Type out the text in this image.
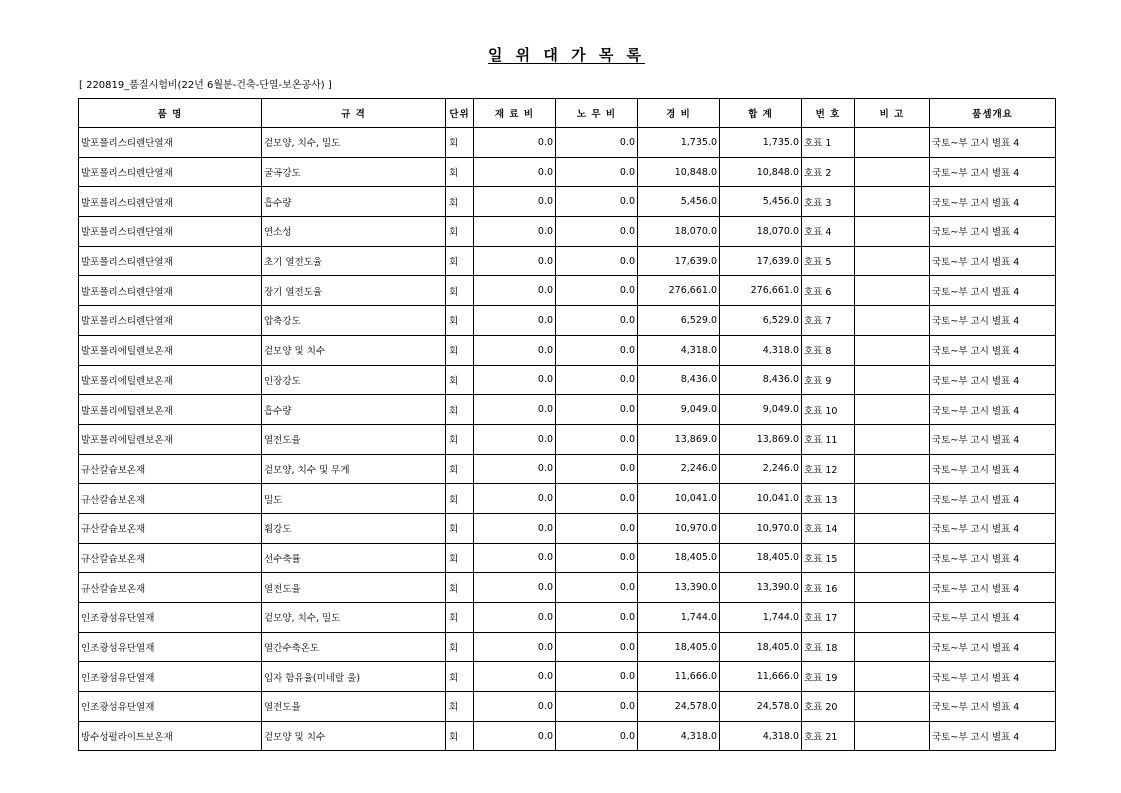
일 위 대 가 목 록
[ 220819_품질시험비(22년 6월분-건축-단열-보온공사) ]
품 명	규 격	단위	재 료 비	노 무 비	경 비	합 계	번 호	비 고	품셈개요
발포폴리스티렌단열재	겉모양, 치수, 밀도	회	0.0	0.0	1,735.0	1,735.0	호표 1		국토~부 고시 별표 4
발포폴리스티렌단열재	굴곡강도	회	0.0	0.0	10,848.0	10,848.0	호표 2		국토~부 고시 별표 4
발포폴리스티렌단열재	흡수량	회	0.0	0.0	5,456.0	5,456.0	호표 3		국토~부 고시 별표 4
발포폴리스티렌단열재	연소성	회	0.0	0.0	18,070.0	18,070.0	호표 4		국토~부 고시 별표 4
발포폴리스티렌단열재	초기 열전도율	회	0.0	0.0	17,639.0	17,639.0	호표 5		국토~부 고시 별표 4
발포폴리스티렌단열재	장기 열전도율	회	0.0	0.0	276,661.0	276,661.0	호표 6		국토~부 고시 별표 4
발포폴리스티렌단열재	압축강도	회	0.0	0.0	6,529.0	6,529.0	호표 7		국토~부 고시 별표 4
발포폴리에틸렌보온재	겉모양 및 치수	회	0.0	0.0	4,318.0	4,318.0	호표 8		국토~부 고시 별표 4
발포폴리에틸렌보온재	인장강도	회	0.0	0.0	8,436.0	8,436.0	호표 9		국토~부 고시 별표 4
발포폴리에틸렌보온재	흡수량	회	0.0	0.0	9,049.0	9,049.0	호표 10		국토~부 고시 별표 4
발포폴리에틸렌보온재	열전도율	회	0.0	0.0	13,869.0	13,869.0	호표 11		국토~부 고시 별표 4
규산칼슘보온재	겉모양, 치수 및 무게	회	0.0	0.0	2,246.0	2,246.0	호표 12		국토~부 고시 별표 4
규산칼슘보온재	밀도	회	0.0	0.0	10,041.0	10,041.0	호표 13		국토~부 고시 별표 4
규산칼슘보온재	휨강도	회	0.0	0.0	10,970.0	10,970.0	호표 14		국토~부 고시 별표 4
규산칼슘보온재	선수축률	회	0.0	0.0	18,405.0	18,405.0	호표 15		국토~부 고시 별표 4
규산칼슘보온재	열전도율	회	0.0	0.0	13,390.0	13,390.0	호표 16		국토~부 고시 별표 4
인조광섬유단열재	겉모양, 치수, 밀도	회	0.0	0.0	1,744.0	1,744.0	호표 17		국토~부 고시 별표 4
인조광섬유단열재	열간수축온도	회	0.0	0.0	18,405.0	18,405.0	호표 18		국토~부 고시 별표 4
인조광섬유단열재	입자 함유율(미네랄 울)	회	0.0	0.0	11,666.0	11,666.0	호표 19		국토~부 고시 별표 4
인조광섬유단열재	열전도율	회	0.0	0.0	24,578.0	24,578.0	호표 20		국토~부 고시 별표 4
방수성펄라이트보온재	겉모양 및 치수	회	0.0	0.0	4,318.0	4,318.0	호표 21		국토~부 고시 별표 4
